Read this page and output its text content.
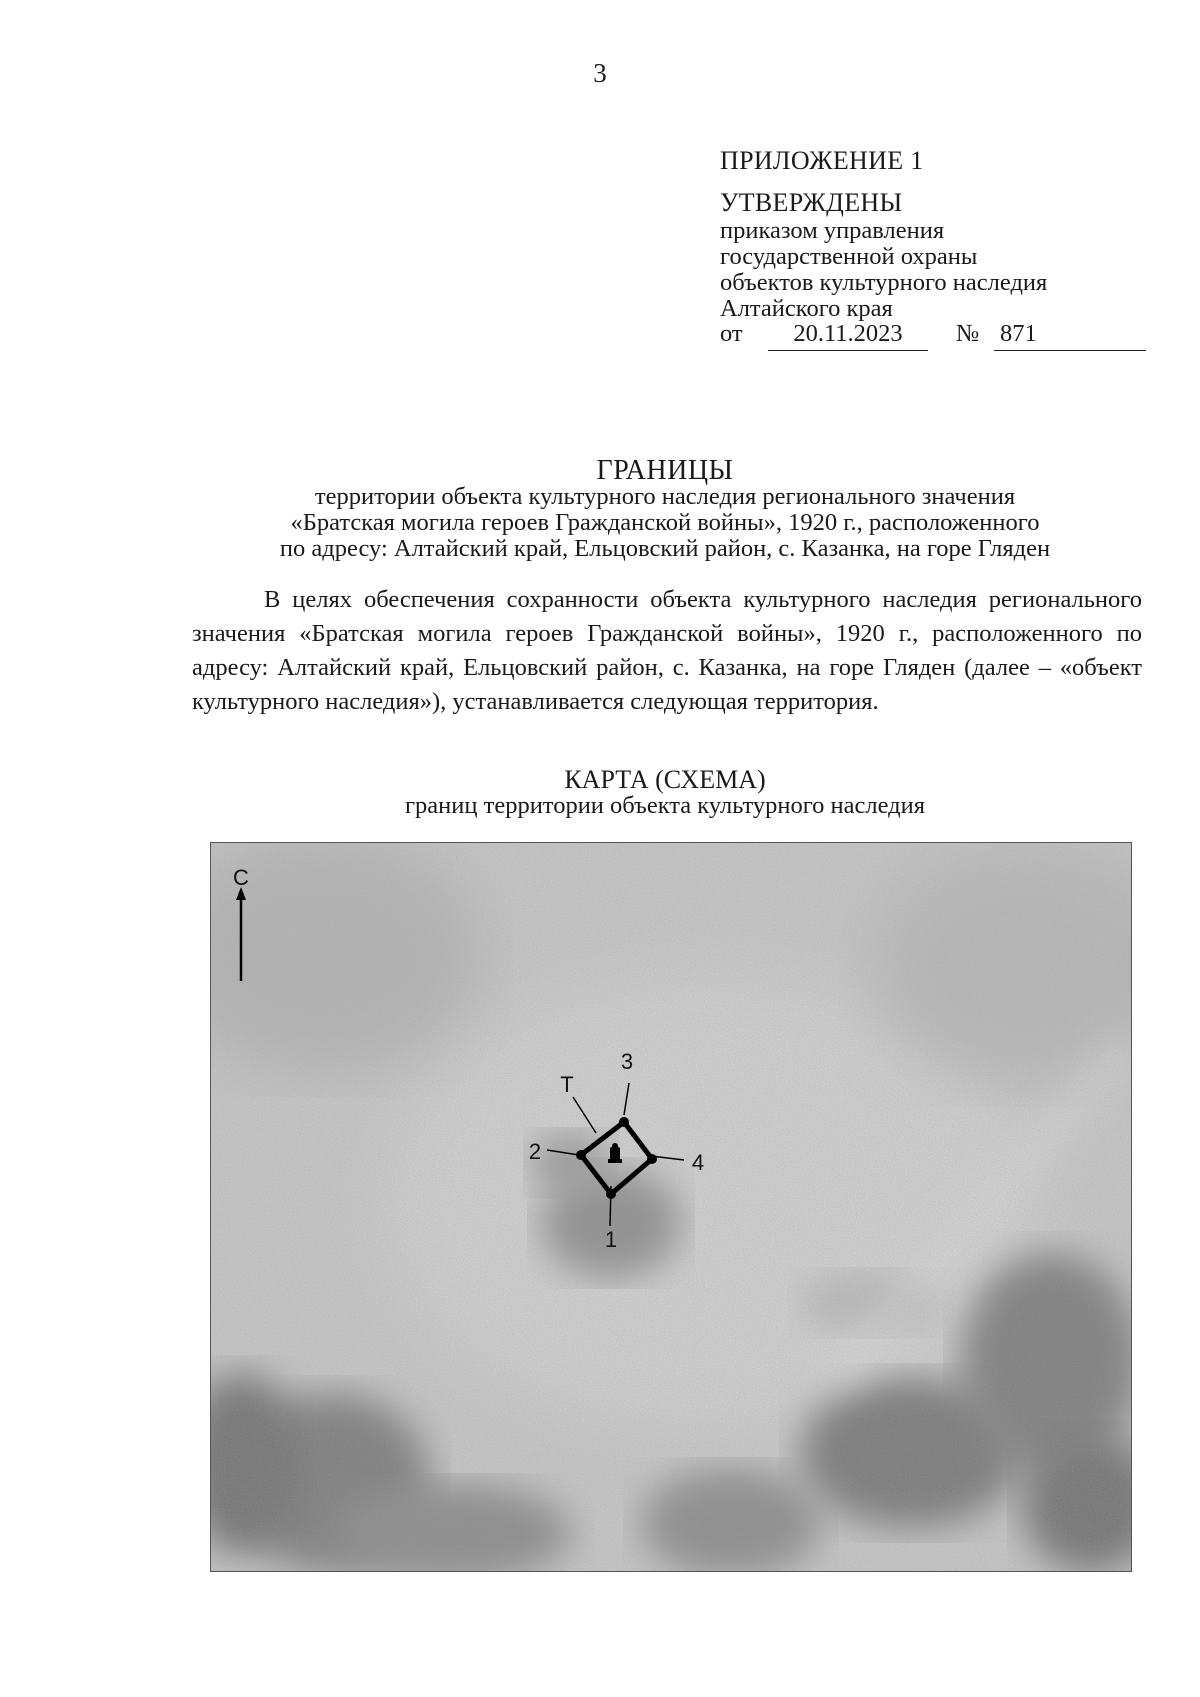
3
ПРИЛОЖЕНИЕ 1
УТВЕРЖДЕНЫ
приказом управления
государственной охраны
объектов культурного наследия
Алтайского края
от	20.11.2023	№ 871
ГРАНИЦЫ
территории объекта культурного наследия регионального значения
«Братская могила героев Гражданской войны», 1920 г., расположенного
по адресу: Алтайский край, Ельцовский район, с. Казанка, на горе Гляден

В целях обеспечения сохранности объекта культурного наследия регионального значения «Братская могила героев Гражданской войны», 1920 г., расположенного по адресу: Алтайский край, Ельцовский район, с. Казанка, на горе Гляден (далее – «объект культурного наследия»), устанавливается следующая территория.

КАРТА (СХЕМА)
границ территории объекта культурного наследия
С
3
Т
2	4
1
